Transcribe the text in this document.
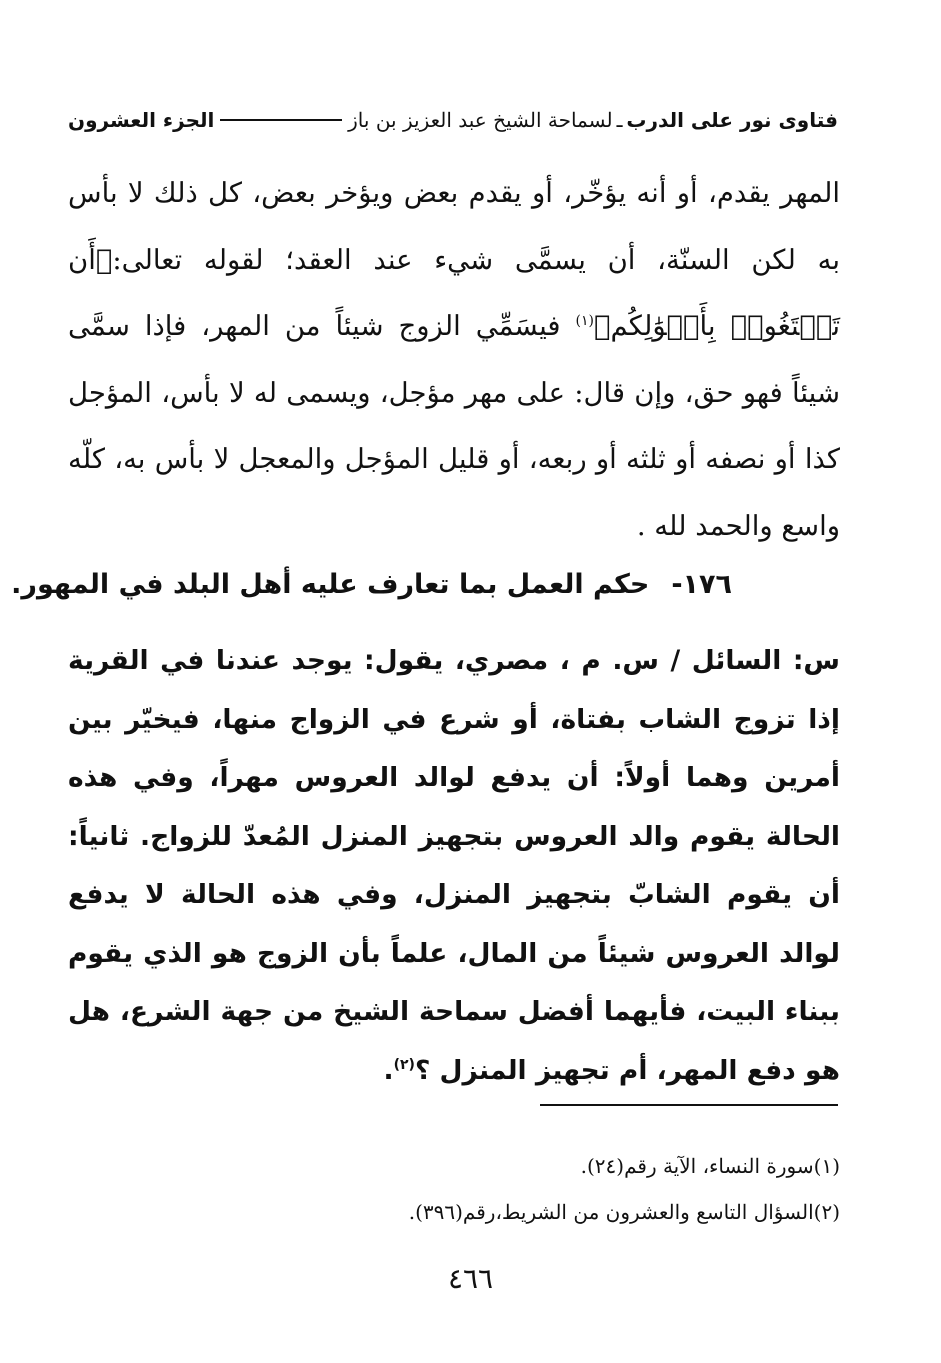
فتاوى نور على الدرب
ـ
لسماحة الشيخ عبد العزيز بن باز
الجزء العشرون

المهر يقدم، أو أنه يؤخّر، أو يقدم بعض ويؤخر بعض، كل ذلك لا بأس به لكن السنّة، أن يسمَّى شيء عند العقد؛ لقوله تعالى:﴿أَن تَبۡتَغُوا۟ بِأَمۡوَٰلِكُم﴾$^{(١)}$ فيسَمِّي الزوج شيئاً من المهر، فإذا سمَّى شيئاً فهو حق، وإن قال: على مهر مؤجل، ويسمى له لا بأس، المؤجل كذا أو نصفه أو ثلثه أو ربعه، أو قليل المؤجل والمعجل لا بأس به، كلّه واسع والحمد لله .

١٧٦-حكم العمل بما تعارف عليه أهل البلد في المهور.

س: السائل / س. م ، مصري، يقول: يوجد عندنا في القرية إذا تزوج الشاب بفتاة، أو شرع في الزواج منها، فيخيّر بين أمرين وهما أولاً: أن يدفع لوالد العروس مهراً، وفي هذه الحالة يقوم والد العروس بتجهيز المنزل المُعدّ للزواج. ثانياً: أن يقوم الشابّ بتجهيز المنزل، وفي هذه الحالة لا يدفع لوالد العروس شيئاً من المال، علماً بأن الزوج هو الذي يقوم ببناء البيت، فأيهما أفضل سماحة الشيخ من جهة الشرع، هل هو دفع المهر، أم تجهيز المنزل ؟$^{(٢)}$.

(١)سورة النساء، الآية رقم(٢٤).
(٢)السؤال التاسع والعشرون من الشريط،رقم(٣٩٦).
٤٦٦
